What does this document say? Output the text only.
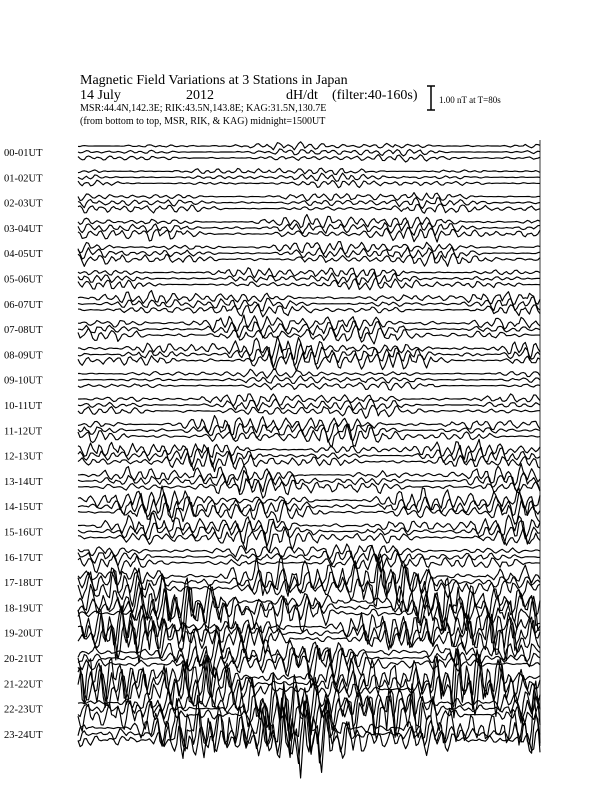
Magnetic Field Variations at 3 Stations in Japan
14 July	2012	dH/dt (filter:40-160s)
MSR:44.4N,142.3E; RIK:43.5N,143.8E; KAG:31.5N,130.7E
(from bottom to top, MSR, RIK, & KAG) midnight=1500UT
1.00 nT at T=80s
00-01UT
01-02UT
02-03UT
03-04UT
04-05UT
05-06UT
06-07UT
07-08UT
08-09UT
09-10UT
10-11UT
11-12UT
12-13UT
13-14UT
14-15UT
15-16UT
16-17UT
17-18UT
18-19UT
19-20UT
20-21UT
21-22UT
22-23UT
23-24UT
